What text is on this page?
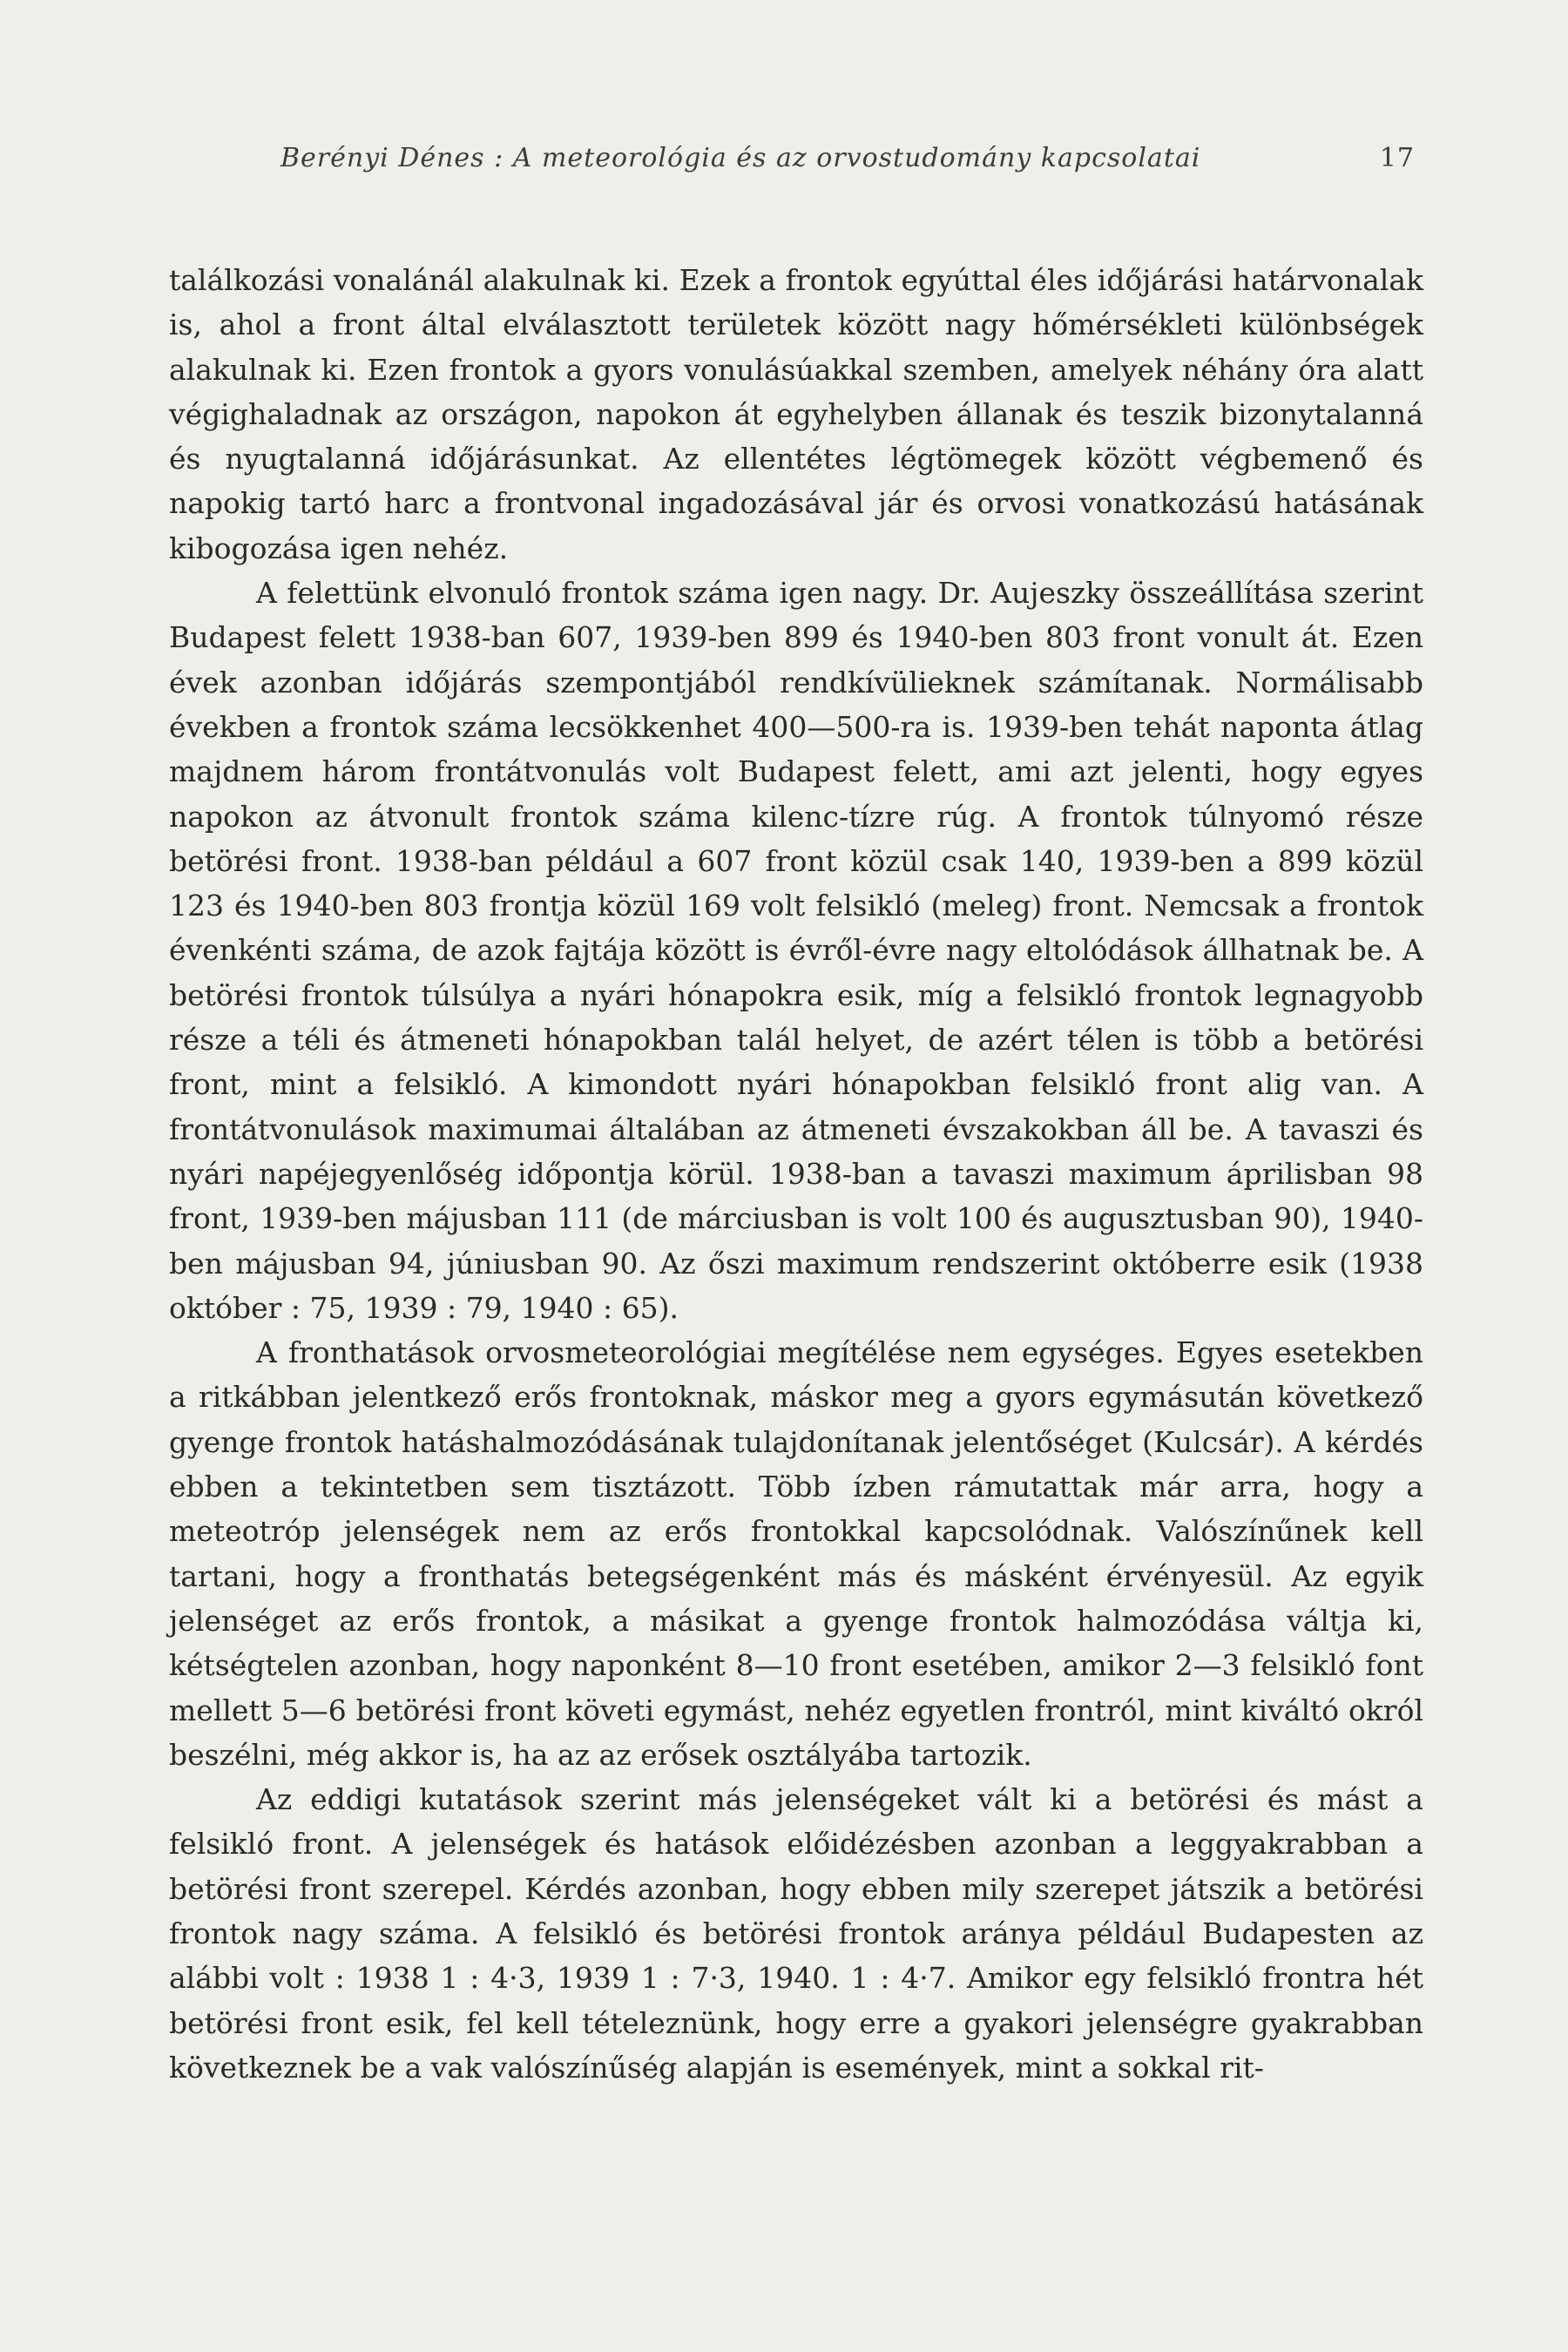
Berényi Dénes : A meteorológia és az orvostudomány kapcsolatai	17

találkozási vonalánál alakulnak ki. Ezek a frontok egyúttal éles időjárási határvonalak is, ahol a front által elválasztott területek között nagy hőmérsékleti különbségek alakulnak ki. Ezen frontok a gyors vonulásúakkal szemben, amelyek néhány óra alatt végighaladnak az országon, napokon át egyhelyben állanak és teszik bizonytalanná és nyugtalanná időjárásunkat. Az ellentétes légtömegek között végbemenő és napokig tartó harc a frontvonal ingadozásával jár és orvosi vonatkozású hatásának kibogozása igen nehéz.

A felettünk elvonuló frontok száma igen nagy. Dr. Aujeszky összeállítása szerint Budapest felett 1938-ban 607, 1939-ben 899 és 1940-ben 803 front vonult át. Ezen évek azonban időjárás szempontjából rendkívülieknek számítanak. Normálisabb években a frontok száma lecsökkenhet 400—500-ra is. 1939-ben tehát naponta átlag majdnem három frontátvonulás volt Budapest felett, ami azt jelenti, hogy egyes napokon az átvonult frontok száma kilenc-tízre rúg. A frontok túlnyomó része betörési front. 1938-ban például a 607 front közül csak 140, 1939-ben a 899 közül 123 és 1940-ben 803 frontja közül 169 volt felsikló (meleg) front. Nemcsak a frontok évenkénti száma, de azok fajtája között is évről-évre nagy eltolódások állhatnak be. A betörési frontok túlsúlya a nyári hónapokra esik, míg a felsikló frontok legnagyobb része a téli és átmeneti hónapokban talál helyet, de azért télen is több a betörési front, mint a felsikló. A kimondott nyári hónapokban felsikló front alig van. A frontátvonulások maximumai általában az átmeneti évszakokban áll be. A tavaszi és nyári napéjegyenlőség időpontja körül. 1938-ban a tavaszi maximum áprilisban 98 front, 1939-ben májusban 111 (de márciusban is volt 100 és augusztusban 90), 1940-ben májusban 94, júniusban 90. Az őszi maximum rendszerint októberre esik (1938 október : 75, 1939 : 79, 1940 : 65).

A fronthatások orvosmeteorológiai megítélése nem egységes. Egyes esetekben a ritkábban jelentkező erős frontoknak, máskor meg a gyors egymásután következő gyenge frontok hatáshalmozódásának tulajdonítanak jelentőséget (Kulcsár). A kérdés ebben a tekintetben sem tisztázott. Több ízben rámutattak már arra, hogy a meteotróp jelenségek nem az erős frontokkal kapcsolódnak. Valószínűnek kell tartani, hogy a fronthatás betegségenként más és másként érvényesül. Az egyik jelenséget az erős frontok, a másikat a gyenge frontok halmozódása váltja ki, kétségtelen azonban, hogy naponként 8—10 front esetében, amikor 2—3 felsikló font mellett 5—6 betörési front követi egymást, nehéz egyetlen frontról, mint kiváltó okról beszélni, még akkor is, ha az az erősek osztályába tartozik.

Az eddigi kutatások szerint más jelenségeket vált ki a betörési és mást a felsikló front. A jelenségek és hatások előidézésben azonban a leggyakrabban a betörési front szerepel. Kérdés azonban, hogy ebben mily szerepet játszik a betörési frontok nagy száma. A felsikló és betörési frontok aránya például Budapesten az alábbi volt : 1938 1 : 4·3, 1939 1 : 7·3, 1940. 1 : 4·7. Amikor egy felsikló frontra hét betörési front esik, fel kell tételeznünk, hogy erre a gyakori jelenségre gyakrabban következnek be a vak valószínűség alapján is események, mint a sokkal rit-
